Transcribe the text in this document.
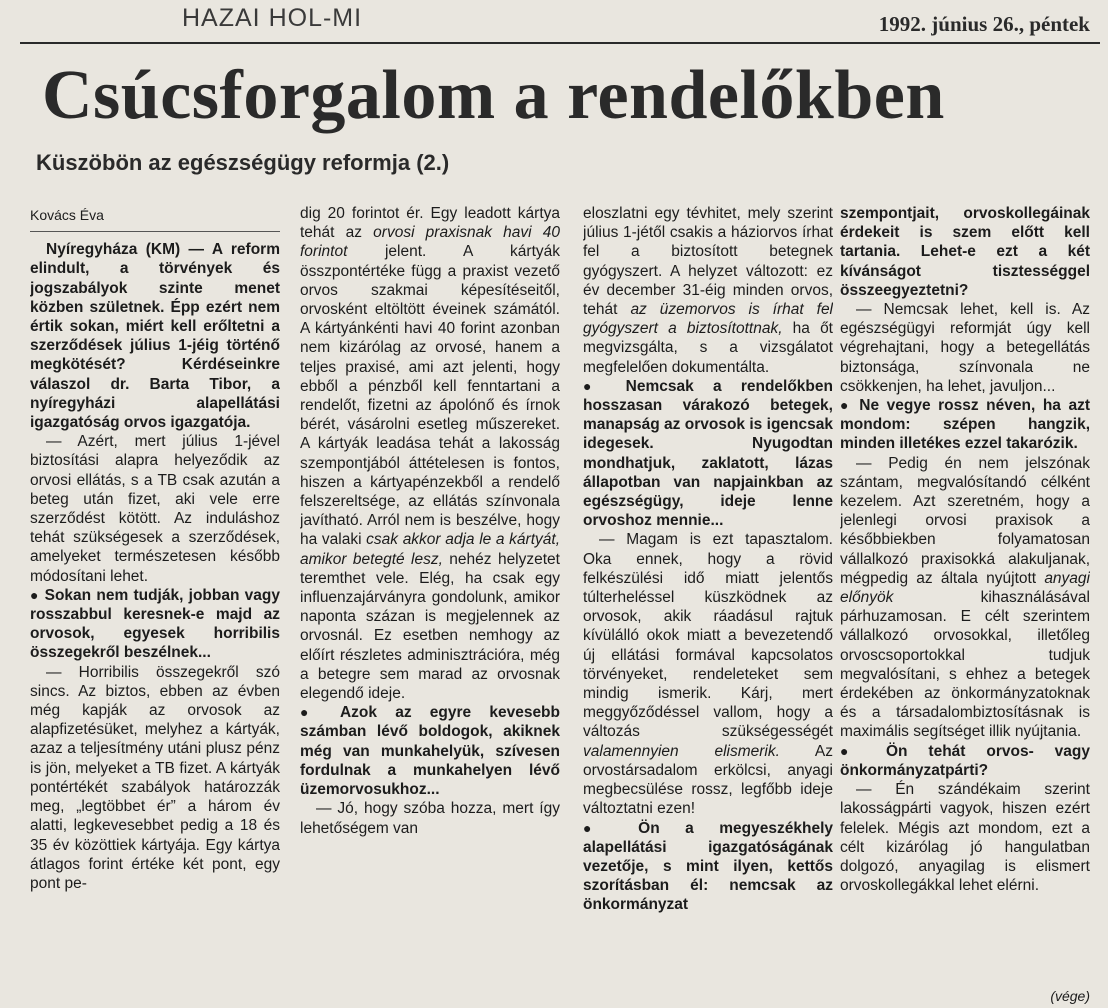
HAZAI HOL-MI	1992. június 26., péntek
Csúcsforgalom a rendelőkben
Küszöbön az egészségügy reformja (2.)
Kovács Éva

Nyíregyháza (KM) — A reform elindult, a törvények és jogszabályok szinte menet közben születnek. Épp ezért nem értik sokan, miért kell erőltetni a szerződések július 1-jéig történő megkötését? Kérdéseinkre válaszol dr. Barta Tibor, a nyíregyházi alapellátási igazgatóság orvos igazgatója.

— Azért, mert július 1-jével biztosítási alapra helyeződik az orvosi ellátás, s a TB csak azután a beteg után fizet, aki vele erre szerződést kötött. Az induláshoz tehát szükségesek a szerződések, amelyeket természetesen később módosítani lehet.

● Sokan nem tudják, jobban vagy rosszabbul keresnek-e majd az orvosok, egyesek horribilis összegekről beszélnek...

— Horribilis összegekről szó sincs. Az biztos, ebben az évben még kapják az orvosok az alapfizetésüket, melyhez a kártyák, azaz a teljesítmény utáni plusz pénz is jön, melyeket a TB fizet. A kártyák pontértékét szabályok határozzák meg, „legtöbbet ér” a három év alatti, legkevesebbet pedig a 18 és 35 év közöttiek kártyája. Egy kártya átlagos forint értéke két pont, egy pont pe-

dig 20 forintot ér. Egy leadott kártya tehát az orvosi praxisnak havi 40 forintot jelent. A kártyák összpontértéke függ a praxist vezető orvos szakmai képesítéseitől, orvosként eltöltött éveinek számától. A kártyánkénti havi 40 forint azonban nem kizárólag az orvosé, hanem a teljes praxisé, ami azt jelenti, hogy ebből a pénzből kell fenntartani a rendelőt, fizetni az ápolónő és írnok bérét, vásárolni esetleg műszereket. A kártyák leadása tehát a lakosság szempontjából áttételesen is fontos, hiszen a kártyapénzekből a rendelő felszereltsége, az ellátás színvonala javítható. Arról nem is beszélve, hogy ha valaki csak akkor adja le a kártyát, amikor betegté lesz, nehéz helyzetet teremthet vele. Elég, ha csak egy influenzajárványra gondolunk, amikor naponta százan is megjelennek az orvosnál. Ez esetben nemhogy az előírt részletes adminisztrációra, még a betegre sem marad az orvosnak elegendő ideje.

● Azok az egyre kevesebb számban lévő boldogok, akiknek még van munkahelyük, szívesen fordulnak a munkahelyen lévő üzemorvosukhoz...

— Jó, hogy szóba hozza, mert így lehetőségem van

eloszlatni egy tévhitet, mely szerint július 1-jétől csakis a háziorvos írhat fel a biztosított betegnek gyógyszert. A helyzet változott: ez év december 31-éig minden orvos, tehát az üzemorvos is írhat fel gyógyszert a biztosítottnak, ha őt megvizsgálta, s a vizsgálatot megfelelően dokumentálta.

● Nemcsak a rendelőkben hosszasan várakozó betegek, manapság az orvosok is igencsak idegesek. Nyugodtan mondhatjuk, zaklatott, lázas állapotban van napjainkban az egészségügy, ideje lenne orvoshoz mennie...

— Magam is ezt tapasztalom. Oka ennek, hogy a rövid felkészülési idő miatt jelentős túlterheléssel küszködnek az orvosok, akik ráadásul rajtuk kívülálló okok miatt a bevezetendő új ellátási formával kapcsolatos törvényeket, rendeleteket sem mindig ismerik. Kárj, mert meggyőződéssel vallom, hogy a változás szükségességét valamennyien elismerik. Az orvostársadalom erkölcsi, anyagi megbecsülése rossz, legfőbb ideje változtatni ezen!

● Ön a megyeszékhely alapellátási igazgatóságának vezetője, s mint ilyen, kettős szorításban él: nemcsak az önkormányzat

szempontjait, orvoskollegáinak érdekeit is szem előtt kell tartania. Lehet-e ezt a két kívánságot tisztességgel összeegyeztetni?

— Nemcsak lehet, kell is. Az egészségügyi reformját úgy kell végrehajtani, hogy a betegellátás biztonsága, színvonala ne csökkenjen, ha lehet, javuljon...

● Ne vegye rossz néven, ha azt mondom: szépen hangzik, minden illetékes ezzel takarózik.

— Pedig én nem jelszónak szántam, megvalósítandó célként kezelem. Azt szeretném, hogy a jelenlegi orvosi praxisok a későbbiekben folyamatosan vállalkozó praxisokká alakuljanak, mégpedig az általa nyújtott anyagi előnyök kihasználásával párhuzamosan. E célt szerintem vállalkozó orvosokkal, illetőleg orvoscsoportokkal tudjuk megvalósítani, s ehhez a betegek érdekében az önkormányzatoknak és a társadalombiztosításnak is maximális segítséget illik nyújtania.

● Ön tehát orvos- vagy önkormányzatpárti?

— Én szándékaim szerint lakosságpárti vagyok, hiszen ezért felelek. Mégis azt mondom, ezt a célt kizárólag jó hangulatban dolgozó, anyagilag is elismert orvoskollegákkal lehet elérni.

(vége)
